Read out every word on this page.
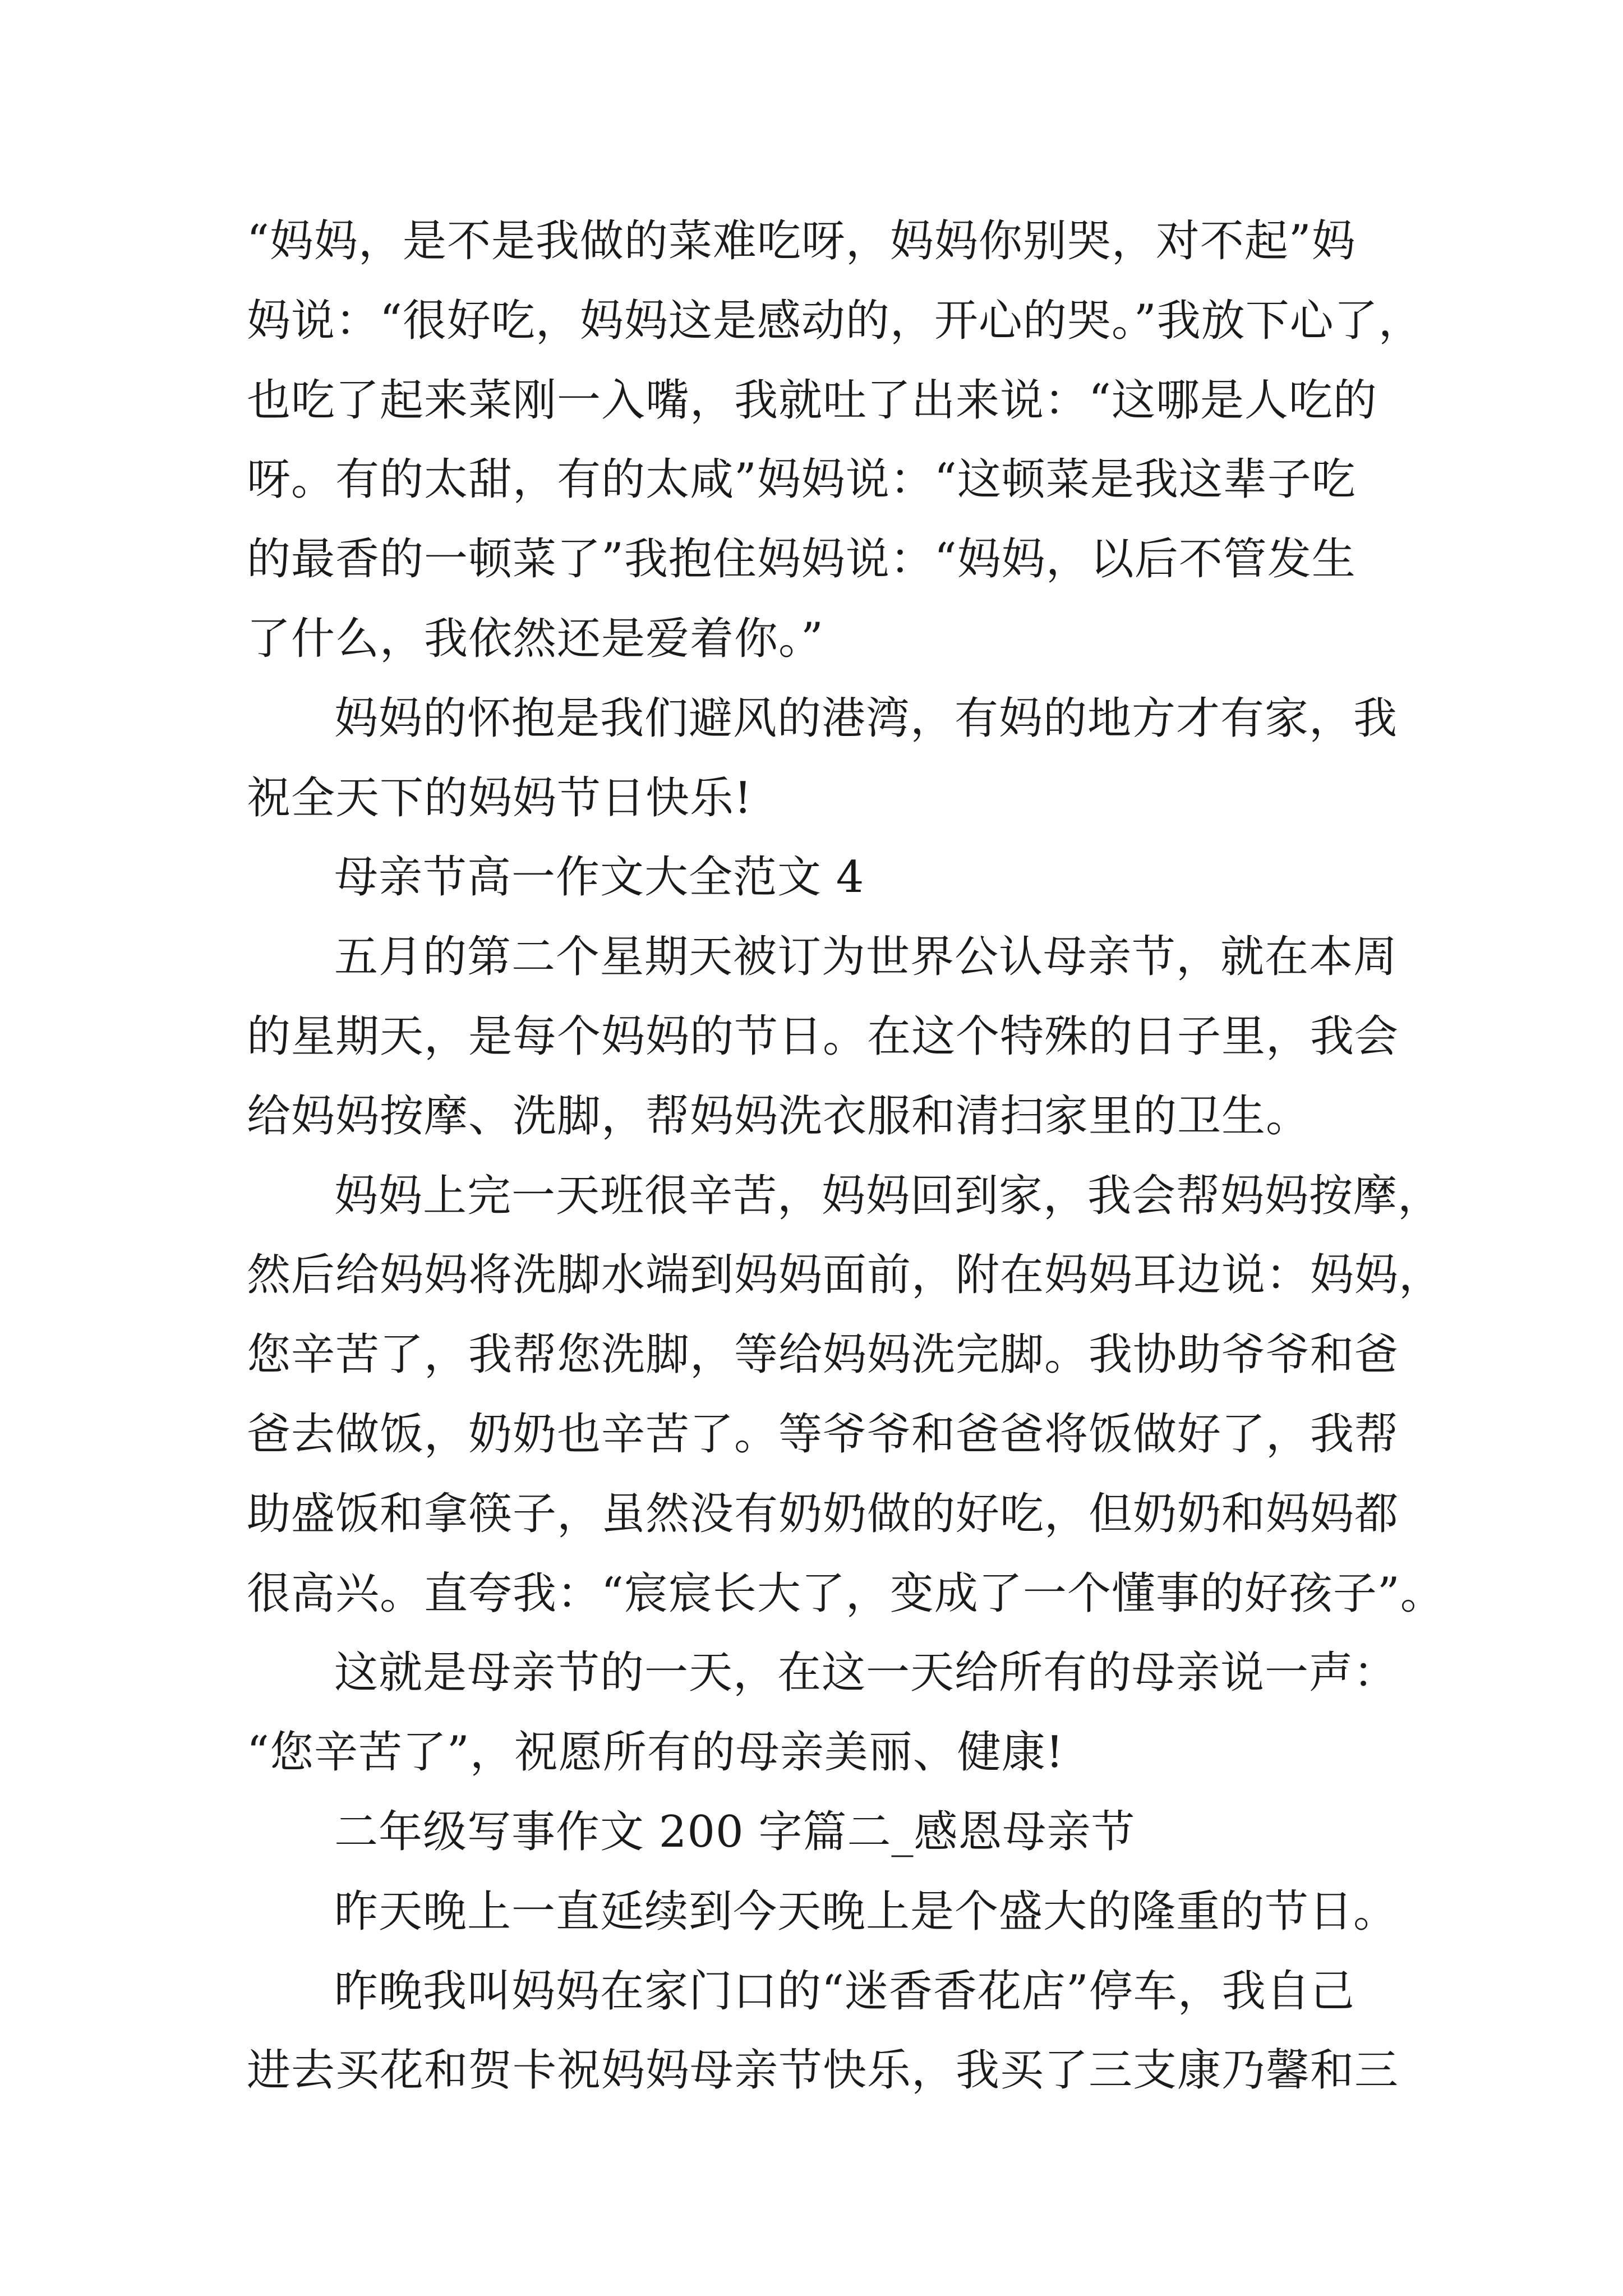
“妈妈，是不是我做的菜难吃呀，妈妈你别哭，对不起”妈
妈说：“很好吃，妈妈这是感动的，开心的哭。”我放下心了，
也吃了起来菜刚一入嘴，我就吐了出来说：“这哪是人吃的
呀。有的太甜，有的太咸”妈妈说：“这顿菜是我这辈子吃
的最香的一顿菜了”我抱住妈妈说：“妈妈，以后不管发生
了什么，我依然还是爱着你。”
妈妈的怀抱是我们避风的港湾，有妈的地方才有家，我
祝全天下的妈妈节日快乐!
母亲节高一作文大全范文 4
五月的第二个星期天被订为世界公认母亲节，就在本周
的星期天，是每个妈妈的节日。在这个特殊的日子里，我会
给妈妈按摩、洗脚，帮妈妈洗衣服和清扫家里的卫生。
妈妈上完一天班很辛苦，妈妈回到家，我会帮妈妈按摩，
然后给妈妈将洗脚水端到妈妈面前，附在妈妈耳边说：妈妈，
您辛苦了，我帮您洗脚，等给妈妈洗完脚。我协助爷爷和爸
爸去做饭，奶奶也辛苦了。等爷爷和爸爸将饭做好了，我帮
助盛饭和拿筷子，虽然没有奶奶做的好吃，但奶奶和妈妈都
很高兴。直夸我：“宸宸长大了，变成了一个懂事的好孩子”。
这就是母亲节的一天，在这一天给所有的母亲说一声：
“您辛苦了”，祝愿所有的母亲美丽、健康!
二年级写事作文 200 字篇二_感恩母亲节
昨天晚上一直延续到今天晚上是个盛大的隆重的节日。
昨晚我叫妈妈在家门口的“迷香香花店”停车，我自己
进去买花和贺卡祝妈妈母亲节快乐，我买了三支康乃馨和三
